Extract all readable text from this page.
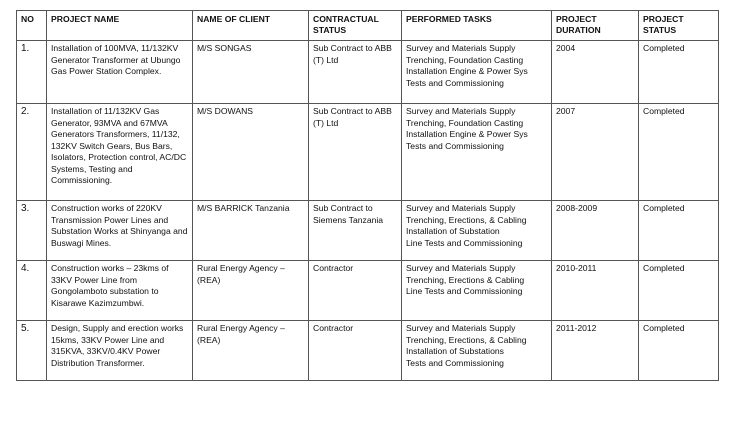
NO	PROJECT NAME	NAME OF CLIENT	CONTRACTUAL STATUS	PERFORMED TASKS	PROJECT DURATION	PROJECT STATUS
1.	Installation of 100MVA, 11/132KV Generator Transformer at Ubungo Gas Power Station Complex.	M/S SONGAS	Sub Contract to ABB (T) Ltd	Survey and Materials Supply
Trenching, Foundation Casting
Installation Engine & Power Sys
Tests and Commissioning	2004	Completed
2.	Installation of 11/132KV Gas Generator, 93MVA and 67MVA Generators Transformers, 11/132, 132KV Switch Gears, Bus Bars, Isolators, Protection control, AC/DC Systems, Testing and Commissioning.	M/S DOWANS	Sub Contract to ABB (T) Ltd	Survey and Materials Supply
Trenching, Foundation Casting
Installation Engine & Power Sys
Tests and Commissioning	2007	Completed
3.	Construction works of 220KV Transmission Power Lines and Substation Works at Shinyanga and Buswagi Mines.	M/S BARRICK Tanzania	Sub Contract to Siemens Tanzania	Survey and Materials Supply
Trenching, Erections, & Cabling
Installation of Substation
Line Tests and Commissioning	2008-2009	Completed
4.	Construction works – 23kms of 33KV Power Line from Gongolamboto substation to Kisarawe Kazimzumbwi.	Rural Energy Agency – (REA)	Contractor	Survey and Materials Supply
Trenching, Erections & Cabling
Line Tests and Commissioning	2010-2011	Completed
5.	Design, Supply and erection works 15kms, 33KV Power Line and 315KVA, 33KV/0.4KV Power Distribution Transformer.	Rural Energy Agency – (REA)	Contractor	Survey and Materials Supply
Trenching, Erections, & Cabling
Installation of Substations
Tests and Commissioning	2011-2012	Completed
